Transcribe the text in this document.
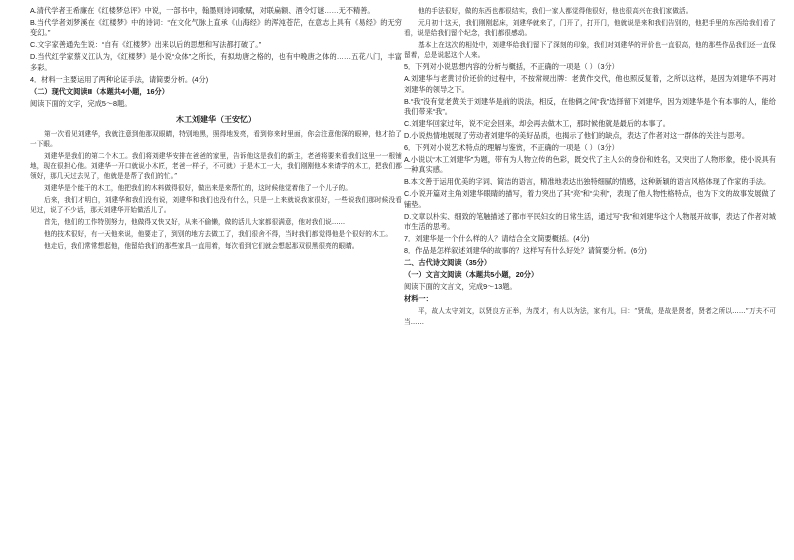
A.清代学者王希廉在《红楼梦总评》中说，一部书中，翰墨则诗词歌赋，对联扁额、酒令灯谜……无不精善。

B.当代学者刘梦溪在《红楼梦》中的诗词：“在文化气脉上直承《山海经》的浑沌苍茫，在意志上具有《易经》的无穷变幻。”

C.文字家善通先生说：“自有《红楼梦》出来以后的思想和写法都打破了。”

D.当代红学家蔡义江认为，《红楼梦》是小说“众体”之所长，有拟劫唐之格的，也有中晚唐之体的……五花八门，丰富多彩。

4．材料一主要运用了两种论证手法，请简要分析。(4分)

（二）现代文阅读Ⅱ（本题共4小题，16分）

阅读下面的文字，完成5～8题。

木工刘建华（王安忆）

第一次看见刘建华，我就注意到他那双眼睛，特别地黑，照得地发亮，看到你来时里面，你会注意他深的眼神，他才抬了一下眼。

刘建华是我们的第二个木工。我们将刘建华安排在爸爸的家里，告诉他这是我们的新主，老爸将要来看我们这里一一根铺地，现在很担心他。刘建华一开口就说小木匠，老爸一样子，不可就）于是木工一大，我们刚刚他本来请学的木工，把我们都领好，那几天过去见了，他就是是帮了我们的忙。”

刘建华是个能干的木工，他把我们的木料做得很好，做出来是来帮忙的，这时候他觉着他了一个儿子的。

后来，我们才明白，刘建华和我们没有说，刘建华和我们也没有什么，只是一上来就说我家很好，一些说我们那时候没看见过，说了不少话，那天刘建华开始做活儿了。

首先，他们的工作特别努力，他做得又快又好，从来不偷懒，做的活儿大家都很满意，他对我们说……

他的技术很好，有一天他来说，他要走了，到别的地方去做工了，我们很舍不得，当时我们都觉得他是个很好的木工。

他走后，我们常常想起他，他留给我们的那些家具一直用着，每次看到它们就会想起那双很黑很亮的眼睛。

他的手法很好，做的东西也都很结实，我们一家人都觉得他很好，他也很高兴在我们家做活。

元月初十这天，我们刚刚起床，刘建华就来了，门开了，打开门，他就说是来和我们告别的，他把手里的东西给我们看了看，说是给我们留个纪念，我们都很感动。

基本上在这次的相处中，刘建华给我们留下了深刻的印象，我们对刘建华的评价也一直很高，他的那些作品我们还一直保留着，总是说起这个人来。

5．下列对小说思想内容的分析与概括，不正确的一项是（ ）（3分）

A.刘建华与老黄讨价还价的过程中，不按常规出牌：老黄作交代，他也照反复着，之所以这样，是因为刘建华不再对刘建华的领导之下。

B.“我”没有觉老黄关于刘建华是前的说法，相反，在他俩之间“我”选择留下刘建华，因为刘建华是个有本事的人，能给我们带来“我”。

C.刘建华回家过年，说不定会回来，却会再去做木工，那时候他就是最后的本事了。

D.小说热情地展现了劳动者刘建华的美好品质，也揭示了他们的缺点，表达了作者对这一群体的关注与思考。

6．下列对小说艺术特点的理解与鉴赏，不正确的一项是（ ）（3分）

A.小说以“木工刘建华”为题，带有为人物立传的色彩，既交代了主人公的身份和姓名，又突出了人物形象，使小说具有一种真实感。

B.本文善于运用优美的字词、简洁的语言，精准地表达出独特细腻的情感，这种新颖的语言风格体现了作家的手法。

C.小说开篇对主角刘建华眼睛的描写，着力突出了其“亮”和“尖利”，表现了他人物性格特点，也为下文的故事发展做了铺垫。

D.文章以朴实、细致的笔触描述了都市平民妇女的日常生活，通过写“我”和刘建华这个人物展开故事，表达了作者对城市生活的思考。

7．刘建华是一个什么样的人？请结合全文简要概括。(4分)

8．作品是怎样叙述刘建华的故事的？这样写有什么好处？请简要分析。(6分)

二、古代诗文阅读（35分）

（一）文言文阅读（本题共5小题，20分）

阅读下面的文言文，完成9～13题。

材料一：

平，故人太守刘文，以贤良方正举，为茂才，有人以为法，家有儿，曰：“贤哉，是故是贤者，贤者之所以……”万夫不可当……
